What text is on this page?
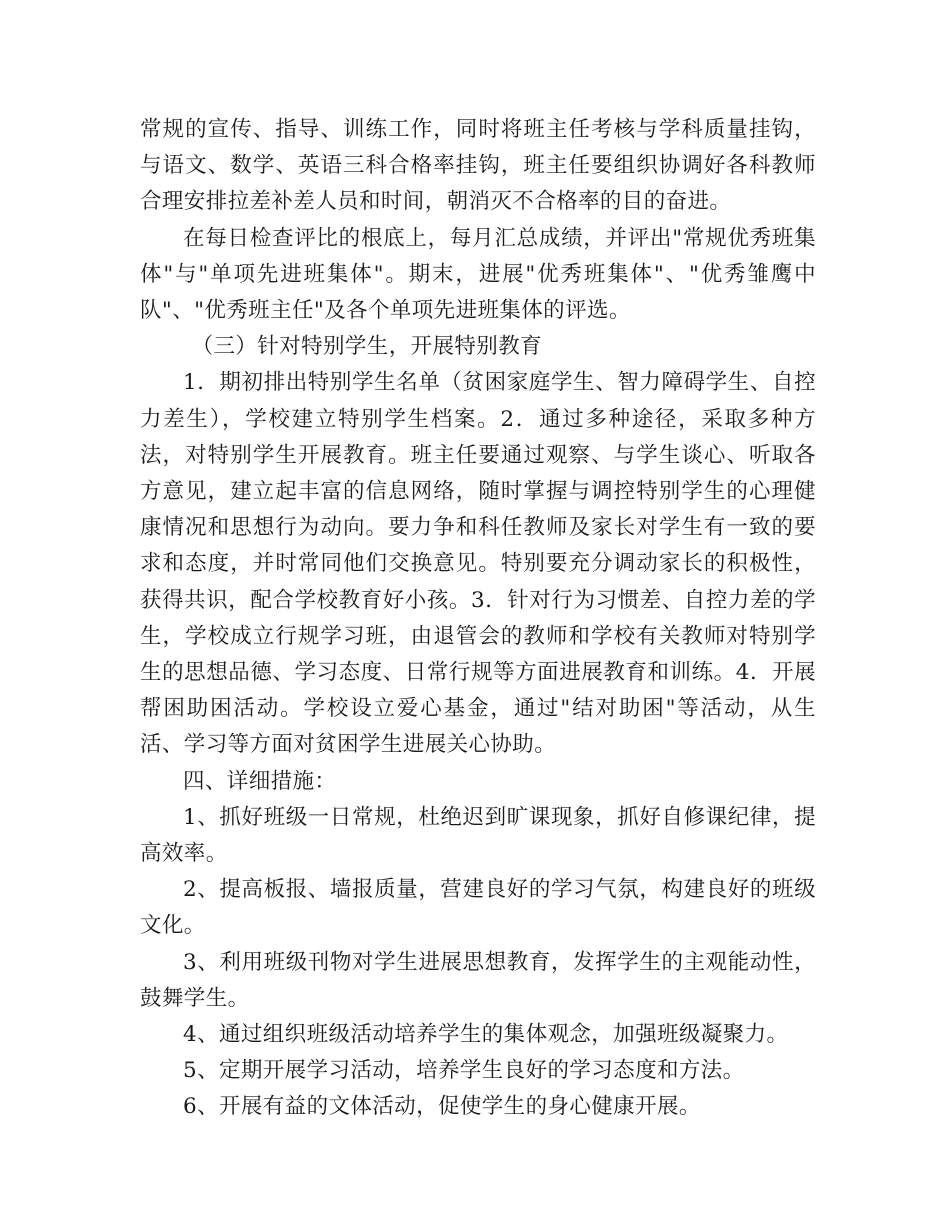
常规的宣传、指导、训练工作，同时将班主任考核与学科质量挂钩，与语文、数学、英语三科合格率挂钩，班主任要组织协调好各科教师合理安排拉差补差人员和时间，朝消灭不合格率的目的奋进。

在每日检查评比的根底上，每月汇总成绩，并评出"常规优秀班集体"与"单项先进班集体"。期末，进展"优秀班集体"、"优秀雏鹰中队"、"优秀班主任"及各个单项先进班集体的评选。

（三）针对特别学生，开展特别教育

1．期初排出特别学生名单（贫困家庭学生、智力障碍学生、自控力差生），学校建立特别学生档案。2．通过多种途径，采取多种方法，对特别学生开展教育。班主任要通过观察、与学生谈心、听取各方意见，建立起丰富的信息网络，随时掌握与调控特别学生的心理健康情况和思想行为动向。要力争和科任教师及家长对学生有一致的要求和态度，并时常同他们交换意见。特别要充分调动家长的积极性，获得共识，配合学校教育好小孩。3．针对行为习惯差、自控力差的学生，学校成立行规学习班，由退管会的教师和学校有关教师对特别学生的思想品德、学习态度、日常行规等方面进展教育和训练。4．开展帮困助困活动。学校设立爱心基金，通过"结对助困"等活动，从生活、学习等方面对贫困学生进展关心协助。

四、详细措施：

1、抓好班级一日常规，杜绝迟到旷课现象，抓好自修课纪律，提高效率。

2、提高板报、墙报质量，营建良好的学习气氛，构建良好的班级文化。

3、利用班级刊物对学生进展思想教育，发挥学生的主观能动性，鼓舞学生。

4、通过组织班级活动培养学生的集体观念，加强班级凝聚力。

5、定期开展学习活动，培养学生良好的学习态度和方法。

6、开展有益的文体活动，促使学生的身心健康开展。
